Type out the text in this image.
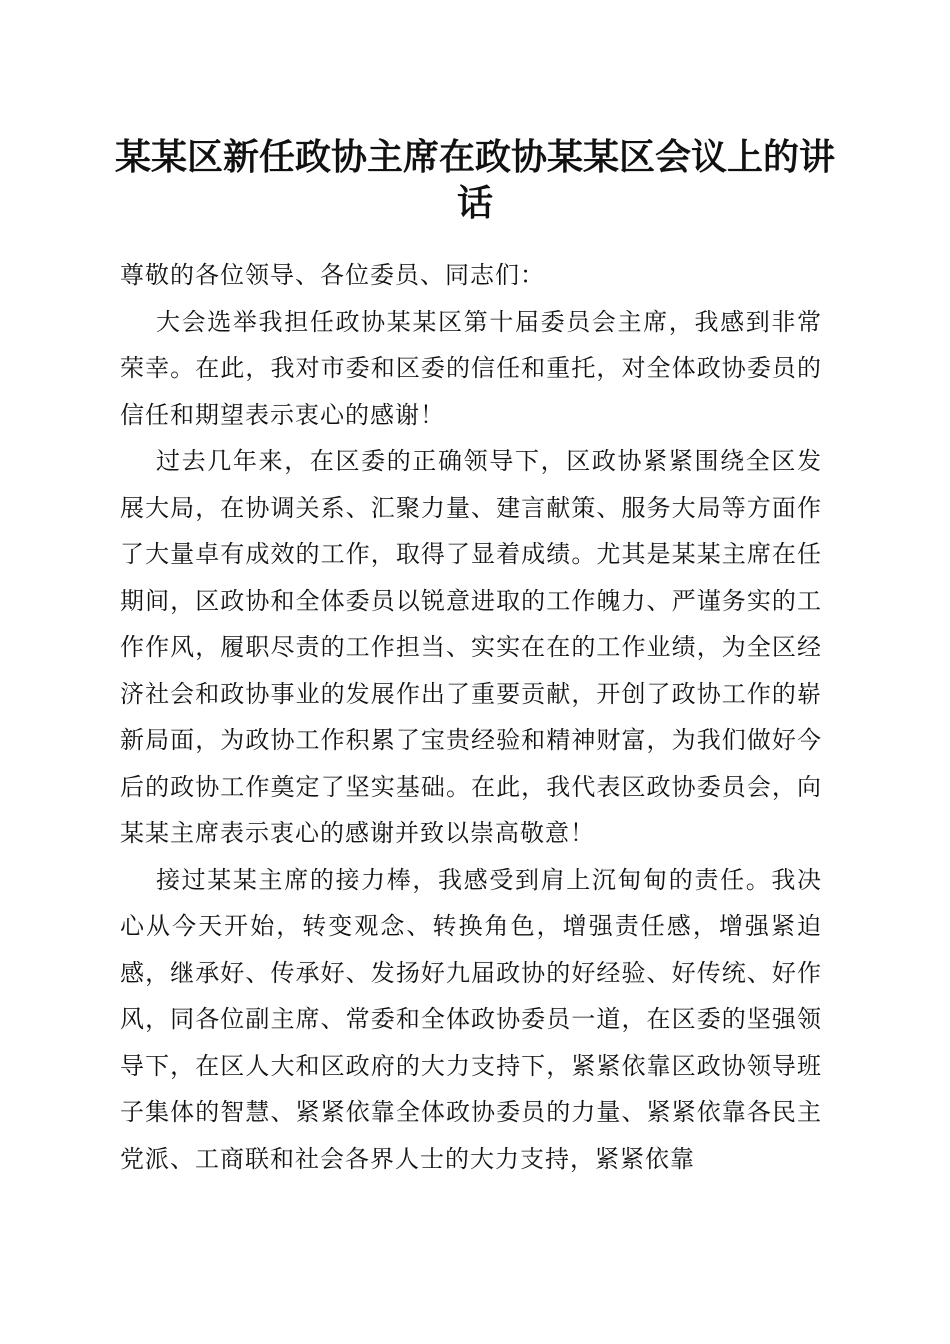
某某区新任政协主席在政协某某区会议上的讲话

尊敬的各位领导、各位委员、同志们：

大会选举我担任政协某某区第十届委员会主席，我感到非常荣幸。在此，我对市委和区委的信任和重托，对全体政协委员的信任和期望表示衷心的感谢！

过去几年来，在区委的正确领导下，区政协紧紧围绕全区发展大局，在协调关系、汇聚力量、建言献策、服务大局等方面作了大量卓有成效的工作，取得了显着成绩。尤其是某某主席在任期间，区政协和全体委员以锐意进取的工作魄力、严谨务实的工作作风，履职尽责的工作担当、实实在在的工作业绩，为全区经济社会和政协事业的发展作出了重要贡献，开创了政协工作的崭新局面，为政协工作积累了宝贵经验和精神财富，为我们做好今后的政协工作奠定了坚实基础。在此，我代表区政协委员会，向某某主席表示衷心的感谢并致以崇高敬意！

接过某某主席的接力棒，我感受到肩上沉甸甸的责任。我决心从今天开始，转变观念、转换角色，增强责任感，增强紧迫感，继承好、传承好、发扬好九届政协的好经验、好传统、好作风，同各位副主席、常委和全体政协委员一道，在区委的坚强领导下，在区人大和区政府的大力支持下，紧紧依靠区政协领导班子集体的智慧、紧紧依靠全体政协委员的力量、紧紧依靠各民主党派、工商联和社会各界人士的大力支持，紧紧依靠
